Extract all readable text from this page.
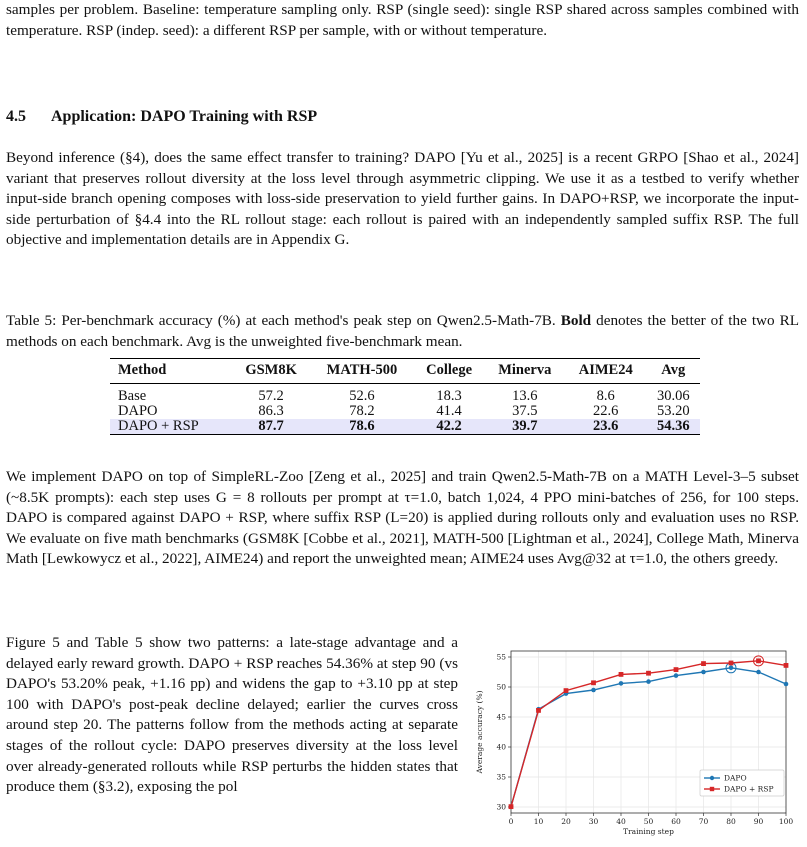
samples per problem. Baseline: temperature sampling only. RSP (single seed): single RSP shared across samples combined with temperature. RSP (indep. seed): a different RSP per sample, with or without temperature.

4.5 Application: DAPO Training with RSP

Beyond inference (§4), does the same effect transfer to training? DAPO [Yu et al., 2025] is a recent GRPO [Shao et al., 2024] variant that preserves rollout diversity at the loss level through asymmetric clipping. We use it as a testbed to verify whether input-side branch opening composes with loss-side preservation to yield further gains. In DAPO+RSP, we incorporate the input-side perturbation of §4.4 into the RL rollout stage: each rollout is paired with an independently sampled suffix RSP. The full objective and implementation details are in Appendix G.

Table 5: Per-benchmark accuracy (%) at each method's peak step on Qwen2.5-Math-7B. Bold denotes the better of the two RL methods on each benchmark. Avg is the unweighted five-benchmark mean.

Method	GSM8K	MATH-500	College	Minerva	AIME24	Avg
Base	57.2	52.6	18.3	13.6	8.6	30.06
DAPO	86.3	78.2	41.4	37.5	22.6	53.20
DAPO + RSP	87.7	78.6	42.2	39.7	23.6	54.36

We implement DAPO on top of SimpleRL-Zoo [Zeng et al., 2025] and train Qwen2.5-Math-7B on a MATH Level-3–5 subset (~8.5K prompts): each step uses G = 8 rollouts per prompt at τ=1.0, batch 1,024, 4 PPO mini-batches of 256, for 100 steps. DAPO is compared against DAPO + RSP, where suffix RSP (L=20) is applied during rollouts only and evaluation uses no RSP. We evaluate on five math benchmarks (GSM8K [Cobbe et al., 2021], MATH-500 [Lightman et al., 2024], College Math, Minerva Math [Lewkowycz et al., 2022], AIME24) and report the unweighted mean; AIME24 uses Avg@32 at τ=1.0, the others greedy.

Figure 5 and Table 5 show two patterns: a late-stage advantage and a delayed early reward growth. DAPO + RSP reaches 54.36% at step 90 (vs DAPO's 53.20% peak, +1.16 pp) and widens the gap to +3.10 pp at step 100 with DAPO's post-peak decline delayed; earlier the curves cross around step 20. The patterns follow from the methods acting at separate stages of the rollout cycle: DAPO preserves diversity at the loss level over already-generated rollouts while RSP perturbs the hidden states that produce them (§3.2), exposing the pol

0	10 20 30 40 50 60 70 80 90 100
30
35
40
45
50
55
Training step
Average accuracy (%)
DAPO
DAPO + RSP
